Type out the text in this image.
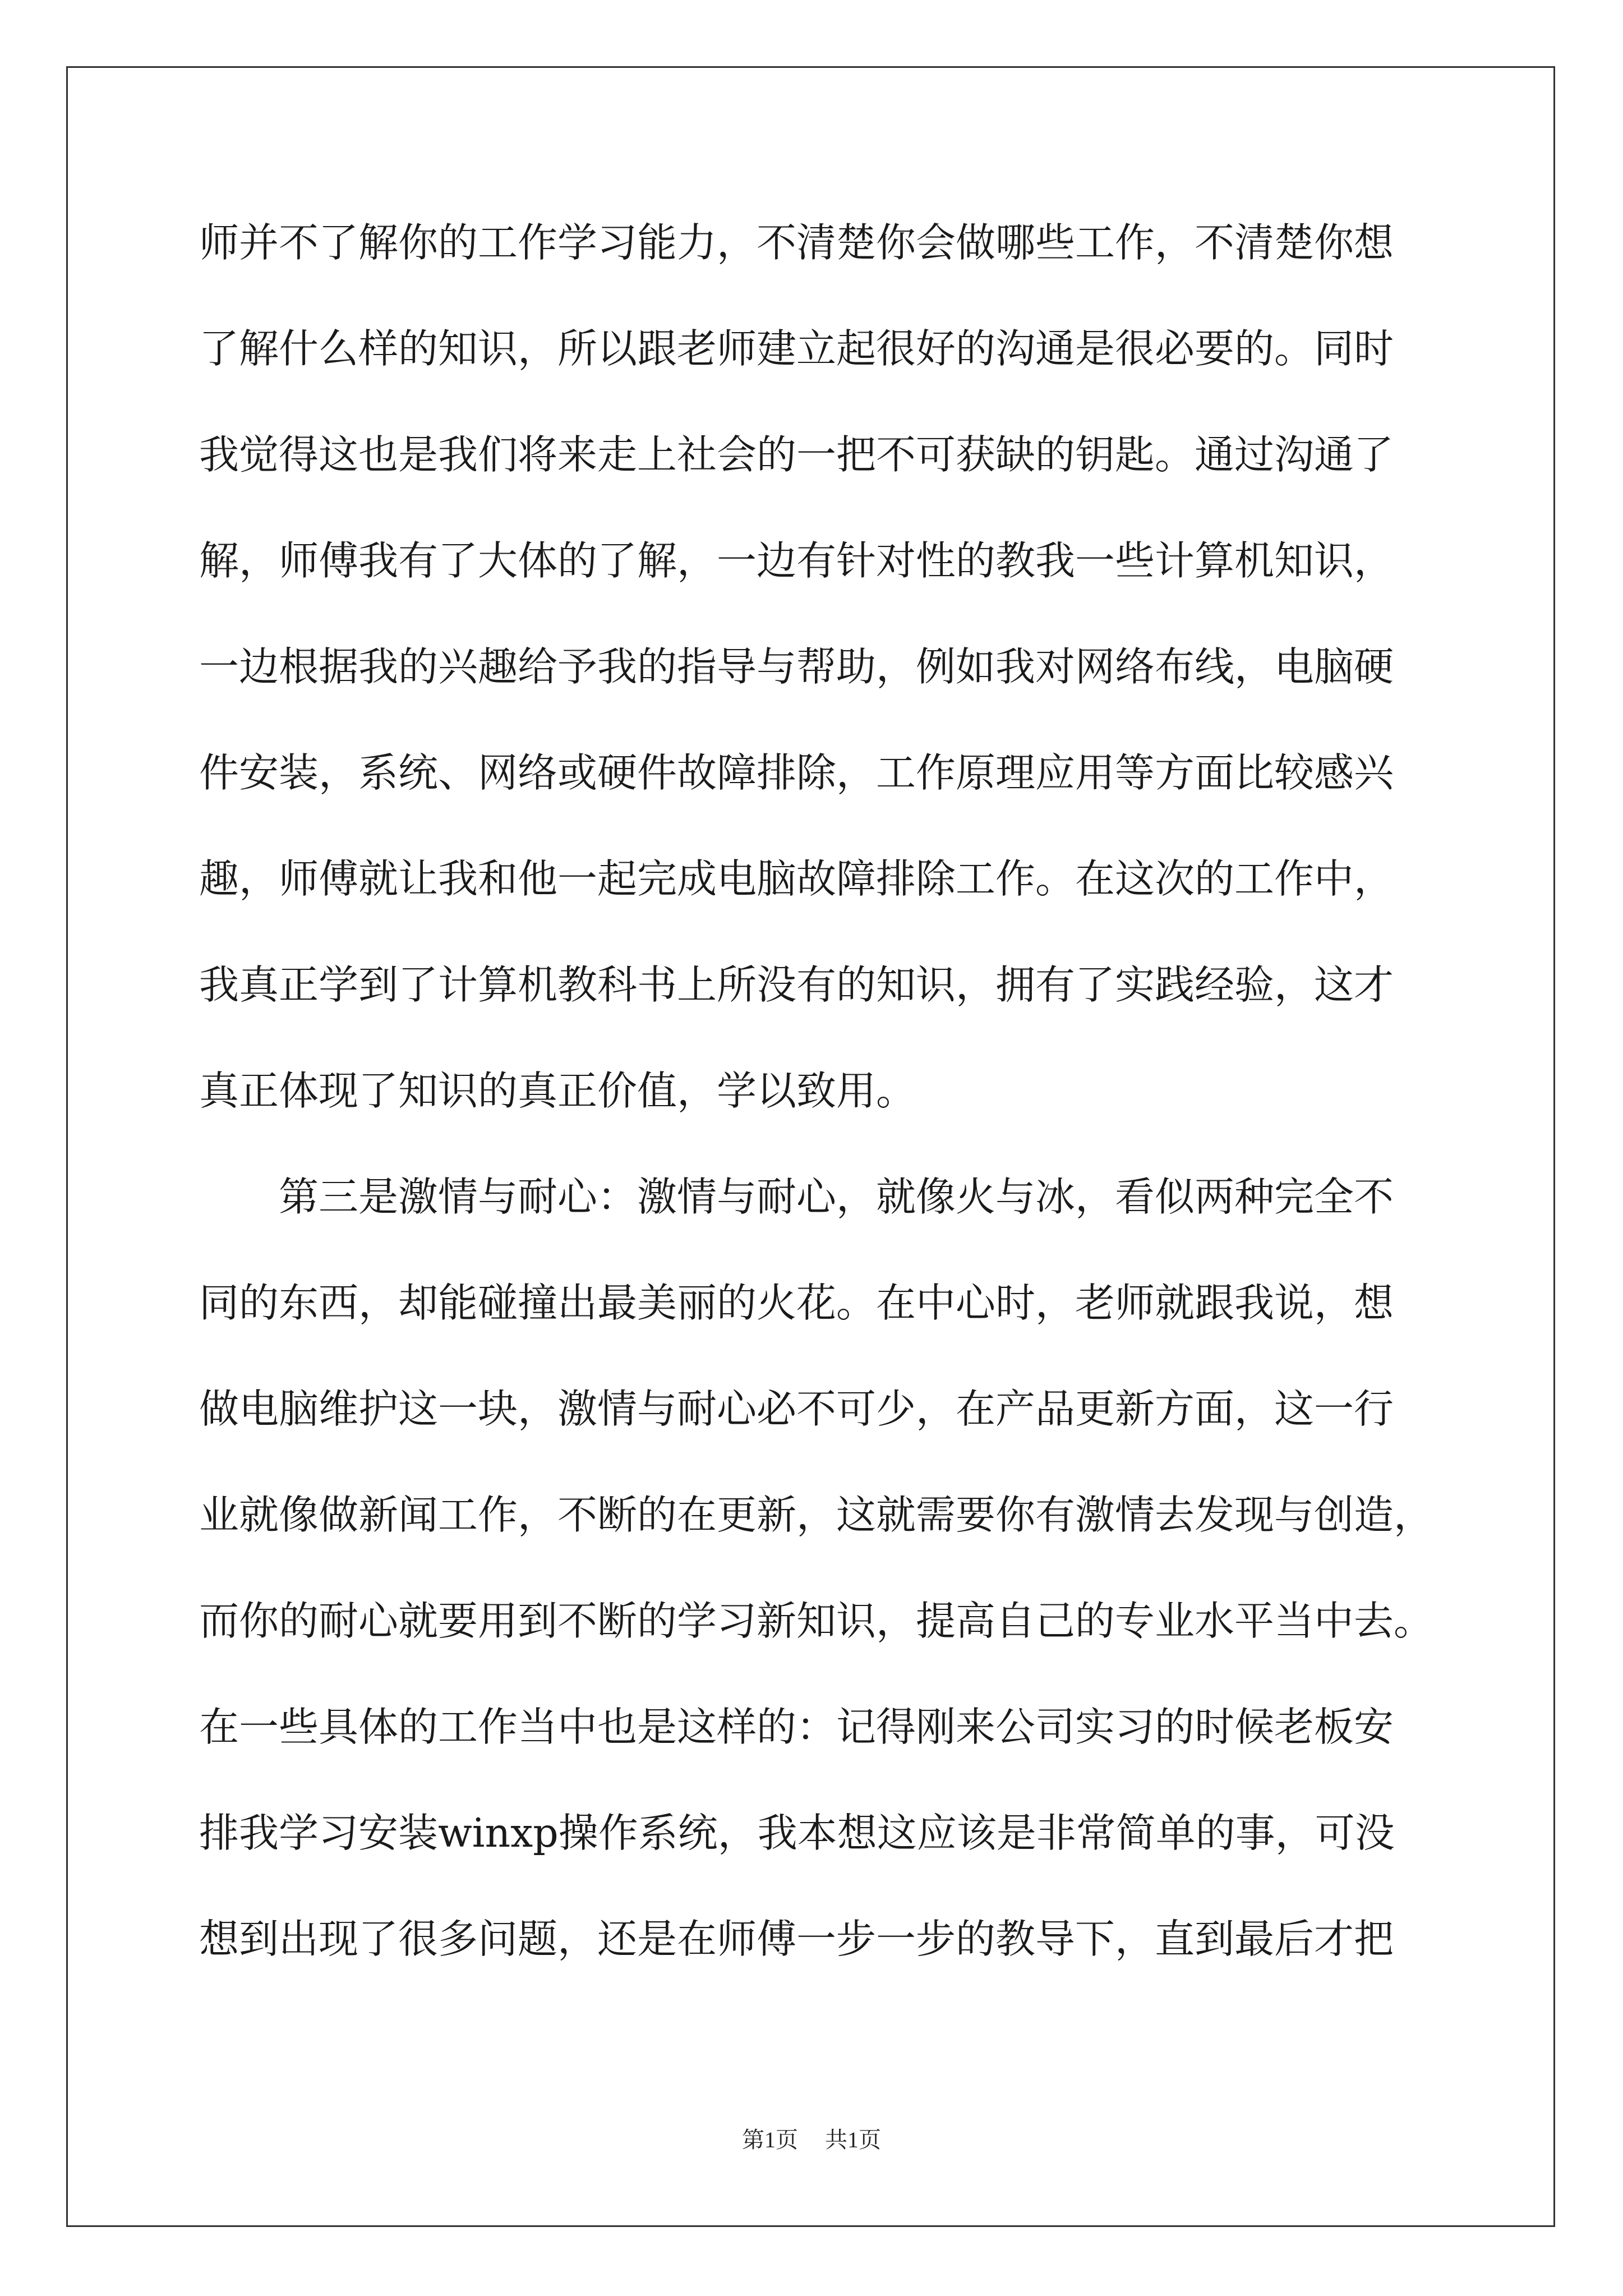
师并不了解你的工作学习能力，不清楚你会做哪些工作，不清楚你想
了解什么样的知识，所以跟老师建立起很好的沟通是很必要的。同时
我觉得这也是我们将来走上社会的一把不可获缺的钥匙。通过沟通了
解，师傅我有了大体的了解，一边有针对性的教我一些计算机知识，
一边根据我的兴趣给予我的指导与帮助，例如我对网络布线，电脑硬
件安装，系统、网络或硬件故障排除，工作原理应用等方面比较感兴
趣，师傅就让我和他一起完成电脑故障排除工作。在这次的工作中，
我真正学到了计算机教科书上所没有的知识，拥有了实践经验，这才
真正体现了知识的真正价值，学以致用。
第三是激情与耐心：激情与耐心，就像火与冰，看似两种完全不
同的东西，却能碰撞出最美丽的火花。在中心时，老师就跟我说，想
做电脑维护这一块，激情与耐心必不可少，在产品更新方面，这一行
业就像做新闻工作，不断的在更新，这就需要你有激情去发现与创造，
而你的耐心就要用到不断的学习新知识，提高自己的专业水平当中去。
在一些具体的工作当中也是这样的：记得刚来公司实习的时候老板安
排我学习安装winxp操作系统，我本想这应该是非常简单的事，可没
想到出现了很多问题，还是在师傅一步一步的教导下，直到最后才把
第1页 共1页
